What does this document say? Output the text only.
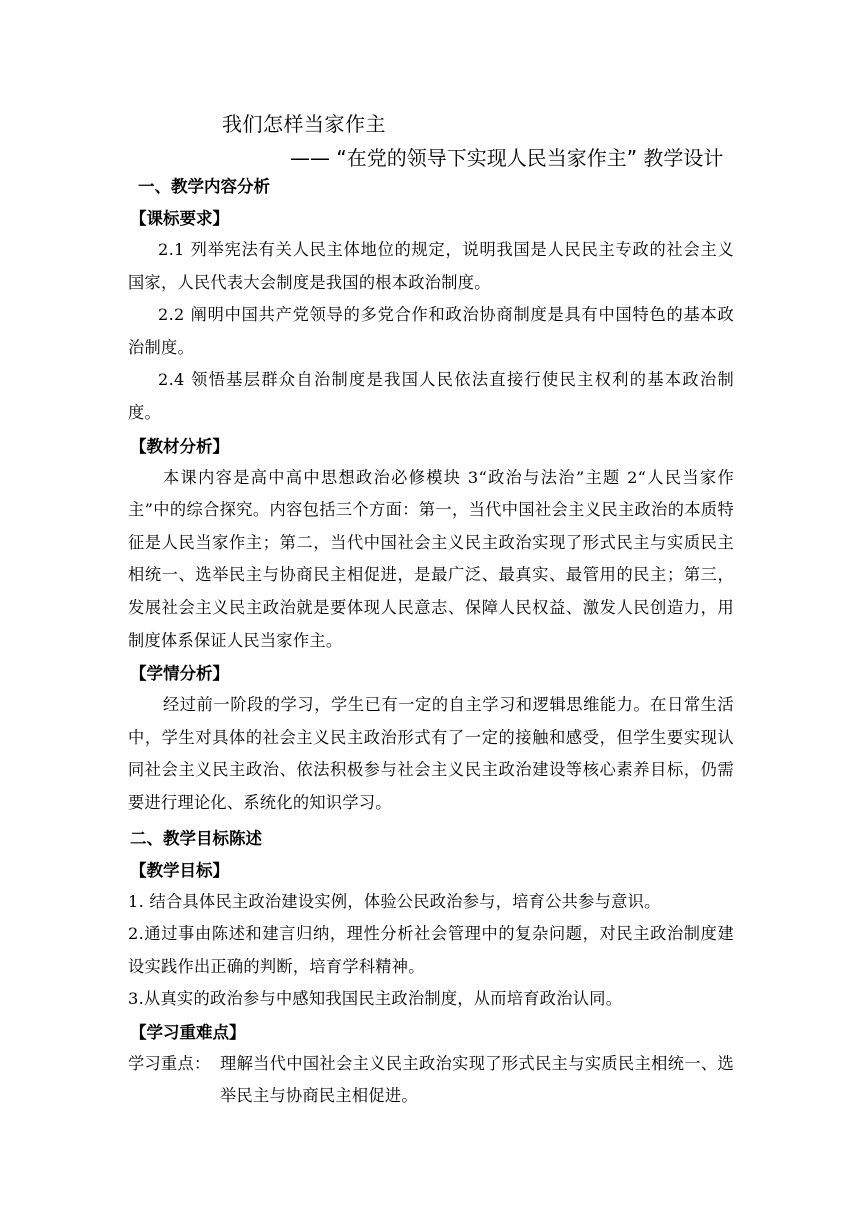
我们怎样当家作主
—— “在党的领导下实现人民当家作主” 教学设计
一、教学内容分析
【课标要求】

2.1 列举宪法有关人民主体地位的规定，说明我国是人民民主专政的社会主义国家，人民代表大会制度是我国的根本政治制度。

2.2 阐明中国共产党领导的多党合作和政治协商制度是具有中国特色的基本政治制度。

2.4 领悟基层群众自治制度是我国人民依法直接行使民主权利的基本政治制度。

【教材分析】

本课内容是高中高中思想政治必修模块 3“政治与法治”主题 2“人民当家作主”中的综合探究。内容包括三个方面：第一，当代中国社会主义民主政治的本质特征是人民当家作主；第二，当代中国社会主义民主政治实现了形式民主与实质民主相统一、选举民主与协商民主相促进，是最广泛、最真实、最管用的民主；第三，发展社会主义民主政治就是要体现人民意志、保障人民权益、激发人民创造力，用制度体系保证人民当家作主。

【学情分析】

经过前一阶段的学习，学生已有一定的自主学习和逻辑思维能力。在日常生活中，学生对具体的社会主义民主政治形式有了一定的接触和感受，但学生要实现认同社会主义民主政治、依法积极参与社会主义民主政治建设等核心素养目标，仍需要进行理论化、系统化的知识学习。

二、教学目标陈述
【教学目标】

1. 结合具体民主政治建设实例，体验公民政治参与，培育公共参与意识。

2.通过事由陈述和建言归纳，理性分析社会管理中的复杂问题，对民主政治制度建设实践作出正确的判断，培育学科精神。

3.从真实的政治参与中感知我国民主政治制度，从而培育政治认同。

【学习重难点】
学习重点： 理解当代中国社会主义民主政治实现了形式民主与实质民主相统一、选举民主与协商民主相促进。
